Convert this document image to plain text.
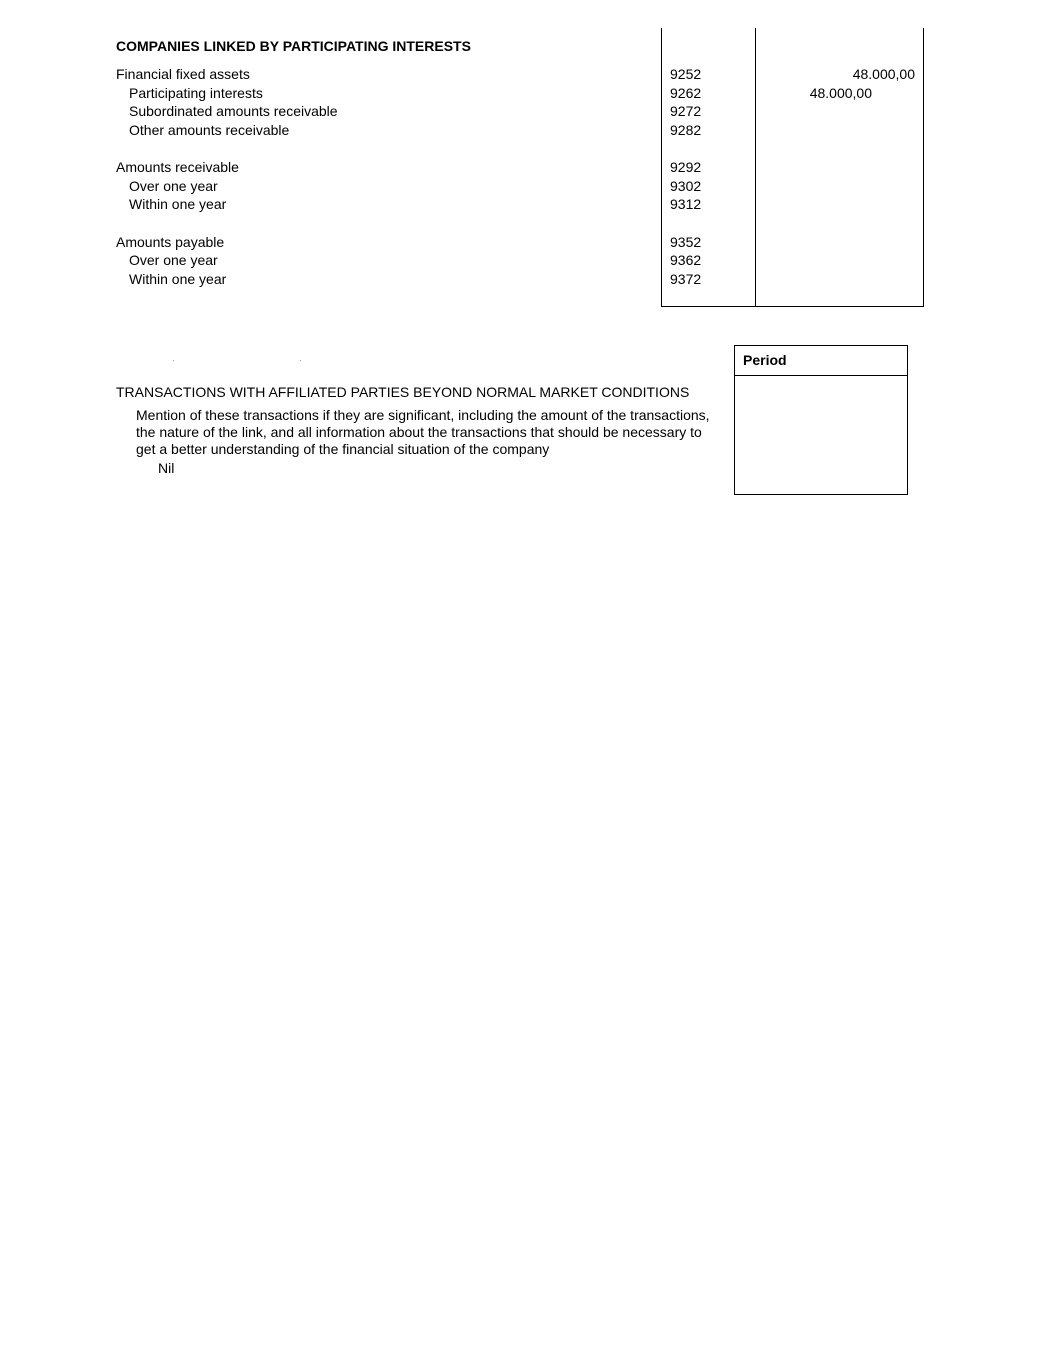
COMPANIES LINKED BY PARTICIPATING INTERESTS
Financial fixed assets	9252	48.000,00
Participating interests	9262	48.000,00
Subordinated amounts receivable	9272
Other amounts receivable	9282
Amounts receivable	9292
Over one year	9302
Within one year	9312
Amounts payable	9352
Over one year	9362
Within one year	9372
Period
TRANSACTIONS WITH AFFILIATED PARTIES BEYOND NORMAL MARKET CONDITIONS
Mention of these transactions if they are significant, including the amount of the transactions, the nature of the link, and all information about the transactions that should be necessary to get a better understanding of the financial situation of the company
Nil
